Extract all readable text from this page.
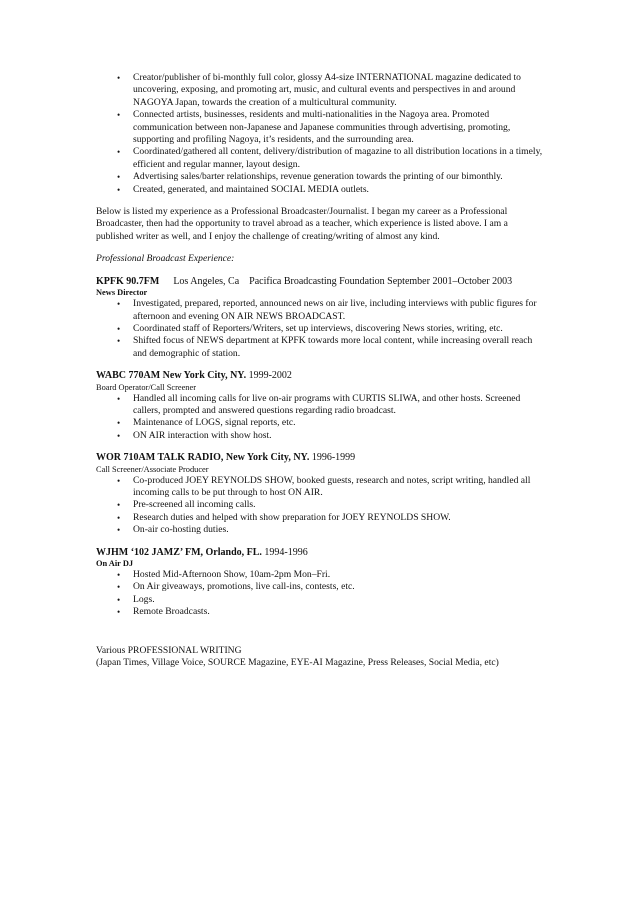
• Creator/publisher of bi-monthly full color, glossy A4-size INTERNATIONAL magazine dedicated to uncovering, exposing, and promoting art, music, and cultural events and perspectives in and around NAGOYA Japan, towards the creation of a multicultural community.
• Connected artists, businesses, residents and multi-nationalities in the Nagoya area. Promoted communication between non-Japanese and Japanese communities through advertising, promoting, supporting and profiling Nagoya, it’s residents, and the surrounding area.
• Coordinated/gathered all content, delivery/distribution of magazine to all distribution locations in a timely, efficient and regular manner, layout design.
• Advertising sales/barter relationships, revenue generation towards the printing of our bimonthly.
• Created, generated, and maintained SOCIAL MEDIA outlets.

Below is listed my experience as a Professional Broadcaster/Journalist. I began my career as a Professional Broadcaster, then had the opportunity to travel abroad as a teacher, which experience is listed above. I am a published writer as well, and I enjoy the challenge of creating/writing of almost any kind.

Professional Broadcast Experience:

KPFK 90.7FM Los Angeles, Ca Pacifica Broadcasting Foundation September 2001–October 2003
News Director
• Investigated, prepared, reported, announced news on air live, including interviews with public figures for afternoon and evening ON AIR NEWS BROADCAST.
• Coordinated staff of Reporters/Writers, set up interviews, discovering News stories, writing, etc.
• Shifted focus of NEWS department at KPFK towards more local content, while increasing overall reach and demographic of station.
WABC 770AM New York City, NY. 1999-2002
Board Operator/Call Screener
• Handled all incoming calls for live on-air programs with CURTIS SLIWA, and other hosts. Screened callers, prompted and answered questions regarding radio broadcast.
• Maintenance of LOGS, signal reports, etc.
• ON AIR interaction with show host.
WOR 710AM TALK RADIO, New York City, NY. 1996-1999
Call Screener/Associate Producer
• Co-produced JOEY REYNOLDS SHOW, booked guests, research and notes, script writing, handled all incoming calls to be put through to host ON AIR.
• Pre-screened all incoming calls.
• Research duties and helped with show preparation for JOEY REYNOLDS SHOW.
• On-air co-hosting duties.
WJHM ‘102 JAMZ’ FM, Orlando, FL. 1994-1996
On Air DJ
• Hosted Mid-Afternoon Show, 10am-2pm Mon–Fri.
• On Air giveaways, promotions, live call-ins, contests, etc.
• Logs.
• Remote Broadcasts.

Various PROFESSIONAL WRITING

(Japan Times, Village Voice, SOURCE Magazine, EYE-AI Magazine, Press Releases, Social Media, etc)
